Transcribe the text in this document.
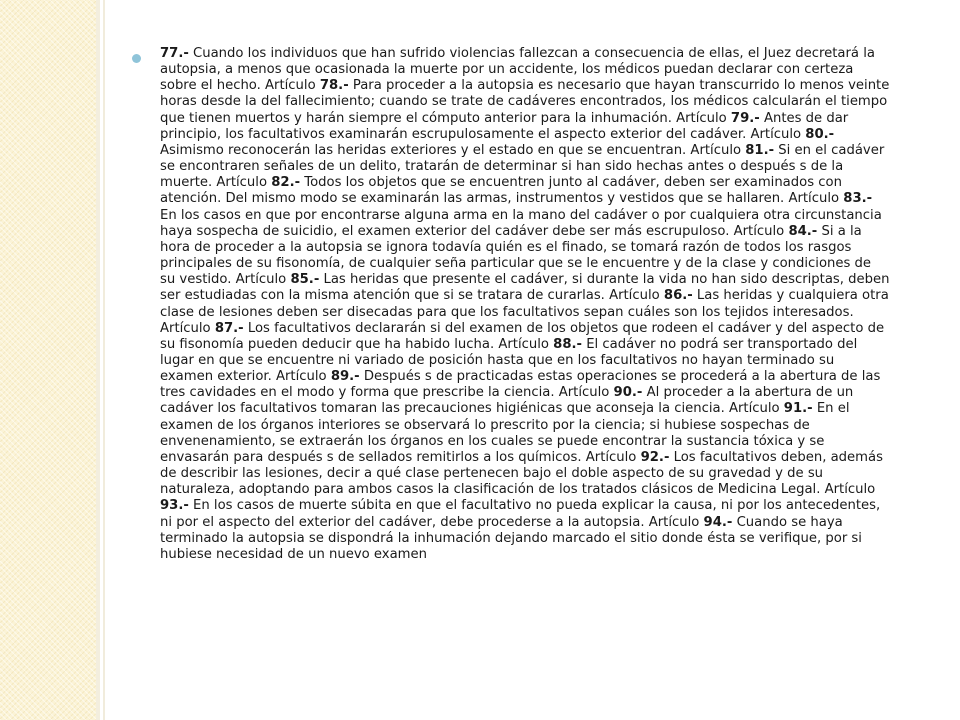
77.- Cuando los individuos que han sufrido violencias fallezcan a consecuencia de ellas, el Juez decretará la autopsia, a menos que ocasionada la muerte por un accidente, los médicos puedan declarar con certeza sobre el hecho. Artículo 78.- Para proceder a la autopsia es necesario que hayan transcurrido lo menos veinte horas desde la del fallecimiento; cuando se trate de cadáveres encontrados, los médicos calcularán el tiempo que tienen muertos y harán siempre el cómputo anterior para la inhumación. Artículo 79.- Antes de dar principio, los facultativos examinarán escrupulosamente el aspecto exterior del cadáver. Artículo 80.- Asimismo reconocerán las heridas exteriores y el estado en que se encuentran. Artículo 81.- Si en el cadáver se encontraren señales de un delito, tratarán de determinar si han sido hechas antes o después s de la muerte. Artículo 82.- Todos los objetos que se encuentren junto al cadáver, deben ser examinados con atención. Del mismo modo se examinarán las armas, instrumentos y vestidos que se hallaren. Artículo 83.- En los casos en que por encontrarse alguna arma en la mano del cadáver o por cualquiera otra circunstancia haya sospecha de suicidio, el examen exterior del cadáver debe ser más escrupuloso. Artículo 84.- Si a la hora de proceder a la autopsia se ignora todavía quién es el finado, se tomará razón de todos los rasgos principales de su fisonomía, de cualquier seña particular que se le encuentre y de la clase y condiciones de su vestido. Artículo 85.- Las heridas que presente el cadáver, si durante la vida no han sido descriptas, deben ser estudiadas con la misma atención que si se tratara de curarlas. Artículo 86.- Las heridas y cualquiera otra clase de lesiones deben ser disecadas para que los facultativos sepan cuáles son los tejidos interesados. Artículo 87.- Los facultativos declararán si del examen de los objetos que rodeen el cadáver y del aspecto de su fisonomía pueden deducir que ha habido lucha. Artículo 88.- El cadáver no podrá ser transportado del lugar en que se encuentre ni variado de posición hasta que en los facultativos no hayan terminado su examen exterior. Artículo 89.- Después s de practicadas estas operaciones se procederá a la abertura de las tres cavidades en el modo y forma que prescribe la ciencia. Artículo 90.- Al proceder a la abertura de un cadáver los facultativos tomaran las precauciones higiénicas que aconseja la ciencia. Artículo 91.- En el examen de los órganos interiores se observará lo prescrito por la ciencia; si hubiese sospechas de envenenamiento, se extraerán los órganos en los cuales se puede encontrar la sustancia tóxica y se envasarán para después s de sellados remitirlos a los químicos. Artículo 92.- Los facultativos deben, además de describir las lesiones, decir a qué clase pertenecen bajo el doble aspecto de su gravedad y de su naturaleza, adoptando para ambos casos la clasificación de los tratados clásicos de Medicina Legal. Artículo 93.- En los casos de muerte súbita en que el facultativo no pueda explicar la causa, ni por los antecedentes, ni por el aspecto del exterior del cadáver, debe procederse a la autopsia. Artículo 94.- Cuando se haya terminado la autopsia se dispondrá la inhumación dejando marcado el sitio donde ésta se verifique, por si hubiese necesidad de un nuevo examen
